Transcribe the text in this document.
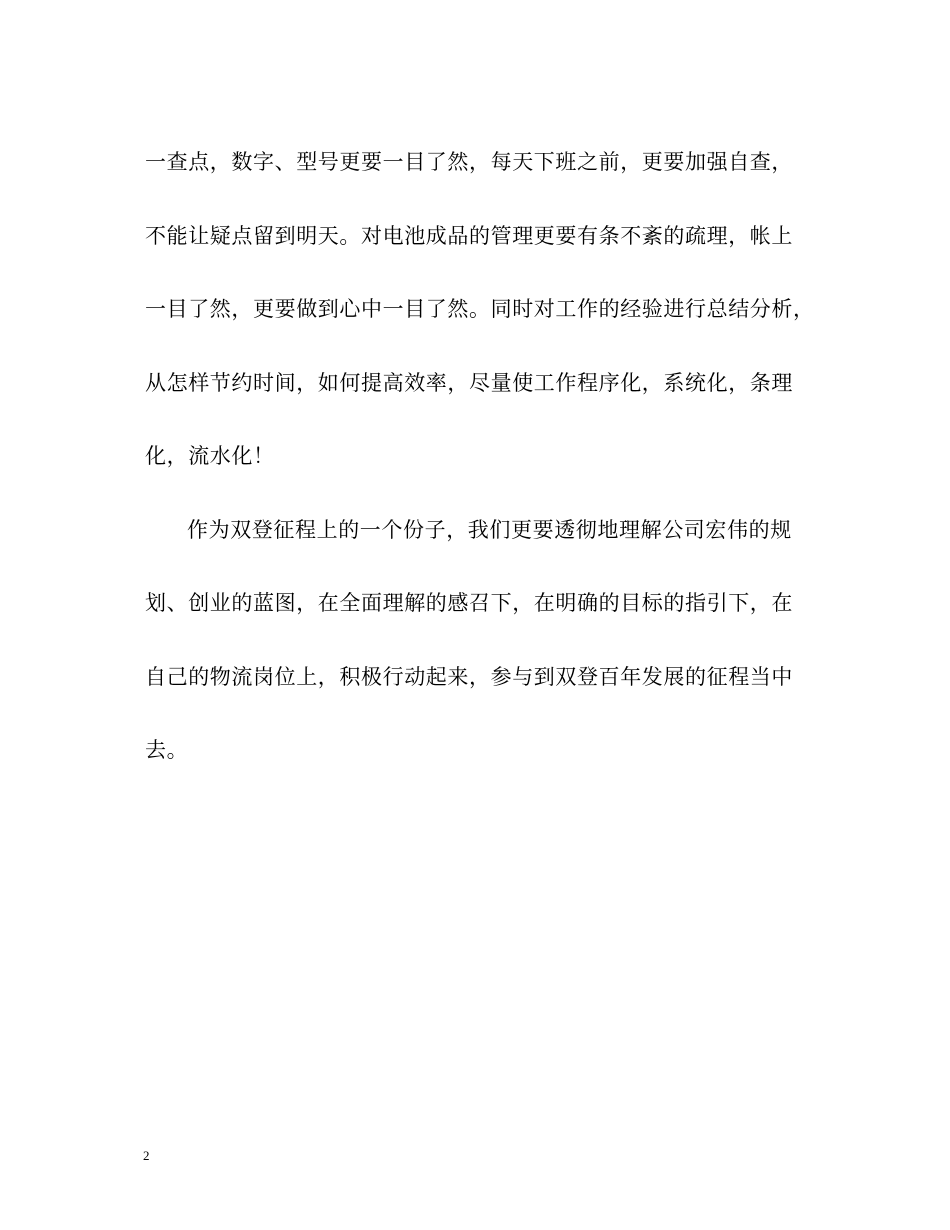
一查点，数字、型号更要一目了然，每天下班之前，更要加强自查，
不能让疑点留到明天。对电池成品的管理更要有条不紊的疏理，帐上
一目了然，更要做到心中一目了然。同时对工作的经验进行总结分析，
从怎样节约时间，如何提高效率，尽量使工作程序化，系统化，条理
化，流水化！
作为双登征程上的一个份子，我们更要透彻地理解公司宏伟的规
划、创业的蓝图，在全面理解的感召下，在明确的目标的指引下，在
自己的物流岗位上，积极行动起来，参与到双登百年发展的征程当中
去。
2
